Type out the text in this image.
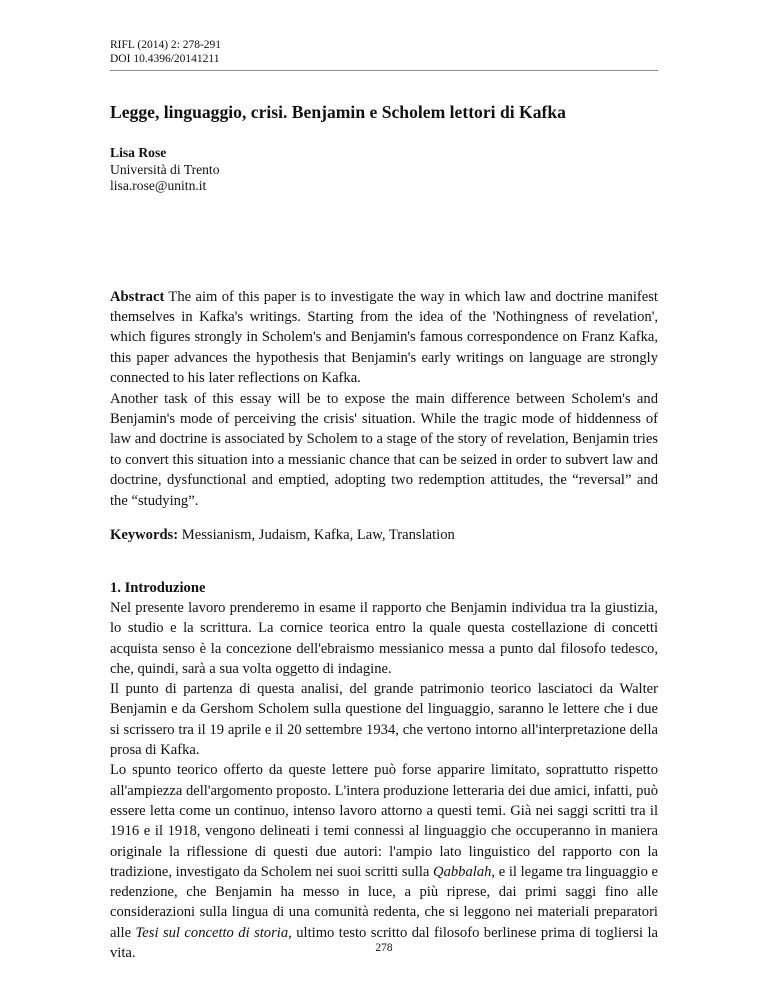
RIFL (2014) 2: 278-291
DOI 10.4396/20141211
Legge, linguaggio, crisi. Benjamin e Scholem lettori di Kafka
Lisa Rose
Università di Trento
lisa.rose@unitn.it

Abstract The aim of this paper is to investigate the way in which law and doctrine manifest themselves in Kafka's writings. Starting from the idea of the 'Nothingness of revelation', which figures strongly in Scholem's and Benjamin's famous correspondence on Franz Kafka, this paper advances the hypothesis that Benjamin's early writings on language are strongly connected to his later reflections on Kafka.

Another task of this essay will be to expose the main difference between Scholem's and Benjamin's mode of perceiving the crisis' situation. While the tragic mode of hiddenness of law and doctrine is associated by Scholem to a stage of the story of revelation, Benjamin tries to convert this situation into a messianic chance that can be seized in order to subvert law and doctrine, dysfunctional and emptied, adopting two redemption attitudes, the “reversal” and the “studying”.

Keywords: Messianism, Judaism, Kafka, Law, Translation
1. Introduzione

Nel presente lavoro prenderemo in esame il rapporto che Benjamin individua tra la giustizia, lo studio e la scrittura. La cornice teorica entro la quale questa costellazione di concetti acquista senso è la concezione dell'ebraismo messianico messa a punto dal filosofo tedesco, che, quindi, sarà a sua volta oggetto di indagine.

Il punto di partenza di questa analisi, del grande patrimonio teorico lasciatoci da Walter Benjamin e da Gershom Scholem sulla questione del linguaggio, saranno le lettere che i due si scrissero tra il 19 aprile e il 20 settembre 1934, che vertono intorno all'interpretazione della prosa di Kafka.

Lo spunto teorico offerto da queste lettere può forse apparire limitato, soprattutto rispetto all'ampiezza dell'argomento proposto. L'intera produzione letteraria dei due amici, infatti, può essere letta come un continuo, intenso lavoro attorno a questi temi. Già nei saggi scritti tra il 1916 e il 1918, vengono delineati i temi connessi al linguaggio che occuperanno in maniera originale la riflessione di questi due autori: l'ampio lato linguistico del rapporto con la tradizione, investigato da Scholem nei suoi scritti sulla Qabbalah, e il legame tra linguaggio e redenzione, che Benjamin ha messo in luce, a più riprese, dai primi saggi fino alle considerazioni sulla lingua di una comunità redenta, che si leggono nei materiali preparatori alle Tesi sul concetto di storia, ultimo testo scritto dal filosofo berlinese prima di togliersi la vita.	278
